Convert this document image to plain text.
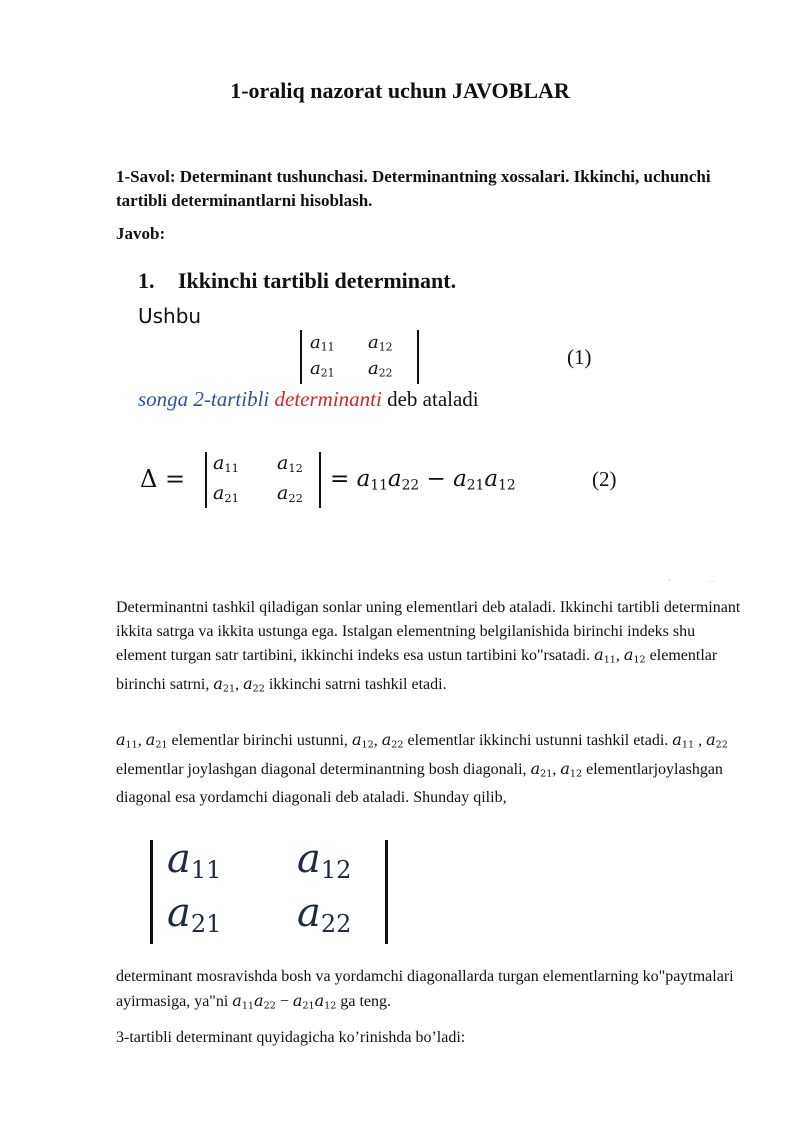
1-oraliq nazorat uchun JAVOBLAR
1-Savol: Determinant tushunchasi. Determinantning xossalari. Ikkinchi, uchunchi tartibli determinantlarni hisoblash.
Javob:
1. Ikkinchi tartibli determinant.
Ushbu
$a_{11}$ $a_{12}$
$a_{21}$ $a_{22}$
(1)
songa 2-tartibli determinanti deb ataladi
Δ =
$a_{11}$ $a_{12}$
$a_{21}$ $a_{22}$
= $a_{11}a_{22} - a_{21}a_{12}$	(2)
-                   . .
Determinantni tashkil qiladigan sonlar uning elementlari deb ataladi. Ikkinchi tartibli determinant ikkita satrga va ikkita ustunga ega. Istalgan elementning belgilanishida birinchi indeks shu element turgan satr tartibini, ikkinchi indeks esa ustun tartibini ko"rsatadi. $a_{11}$, $a_{12}$ elementlar birinchi satrni, $a_{21}$, $a_{22}$ ikkinchi satrni tashkil etadi.
$a_{11}$, $a_{21}$ elementlar birinchi ustunni, $a_{12}$, $a_{22}$ elementlar ikkinchi ustunni tashkil etadi. $a_{11}$ , $a_{22}$ elementlar joylashgan diagonal determinantning bosh diagonali, $a_{21}$, $a_{12}$ elementlarjoylashgan diagonal esa yordamchi diagonali deb ataladi. Shunday qilib,
$a_{11}$ $a_{12}$
$a_{21}$ $a_{22}$
determinant mosravishda bosh va yordamchi diagonallarda turgan elementlarning ko"paytmalari ayirmasiga, ya"ni $a_{11}a_{22} - a_{21}a_{12}$ ga teng.
3-tartibli determinant quyidagicha ko’rinishda bo’ladi:
